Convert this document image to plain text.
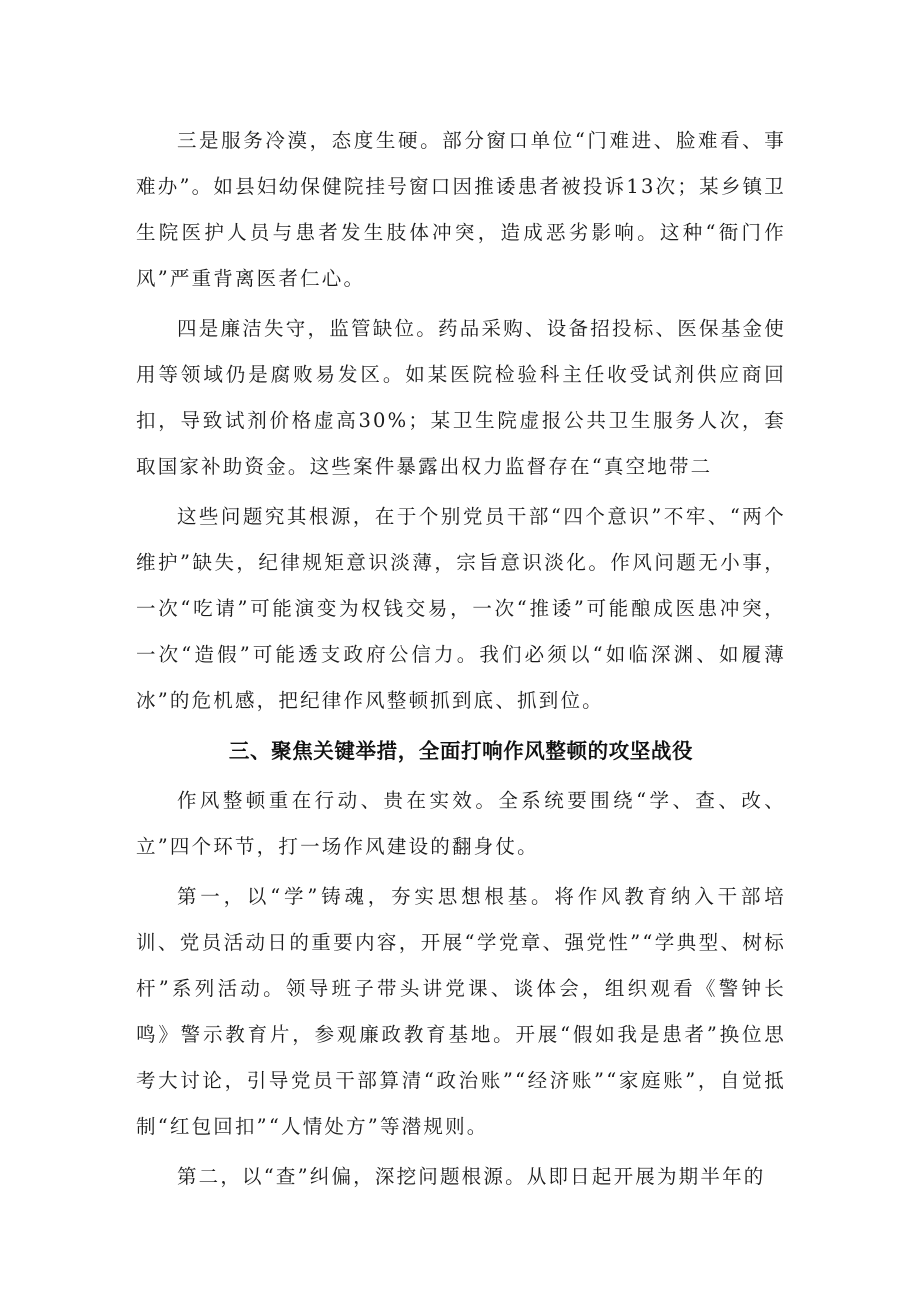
三是服务冷漠，态度生硬。部分窗口单位“门难进、脸难看、事难办”。如县妇幼保健院挂号窗口因推诿患者被投诉13次；某乡镇卫生院医护人员与患者发生肢体冲突，造成恶劣影响。这种“衙门作风”严重背离医者仁心。

四是廉洁失守，监管缺位。药品采购、设备招投标、医保基金使用等领域仍是腐败易发区。如某医院检验科主任收受试剂供应商回扣，导致试剂价格虚高30%；某卫生院虚报公共卫生服务人次，套取国家补助资金。这些案件暴露出权力监督存在“真空地带二

这些问题究其根源，在于个别党员干部“四个意识”不牢、“两个维护”缺失，纪律规矩意识淡薄，宗旨意识淡化。作风问题无小事，一次“吃请”可能演变为权钱交易，一次“推诿”可能酿成医患冲突，一次“造假”可能透支政府公信力。我们必须以“如临深渊、如履薄冰”的危机感，把纪律作风整顿抓到底、抓到位。

三、聚焦关键举措，全面打响作风整顿的攻坚战役

作风整顿重在行动、贵在实效。全系统要围绕“学、查、改、立”四个环节，打一场作风建设的翻身仗。

第一，以“学”铸魂，夯实思想根基。将作风教育纳入干部培训、党员活动日的重要内容，开展“学党章、强党性”“学典型、树标杆”系列活动。领导班子带头讲党课、谈体会，组织观看《警钟长鸣》警示教育片，参观廉政教育基地。开展“假如我是患者”换位思考大讨论，引导党员干部算清“政治账”“经济账”“家庭账”，自觉抵制“红包回扣”“人情处方”等潜规则。

第二，以“查”纠偏，深挖问题根源。从即日起开展为期半年的
